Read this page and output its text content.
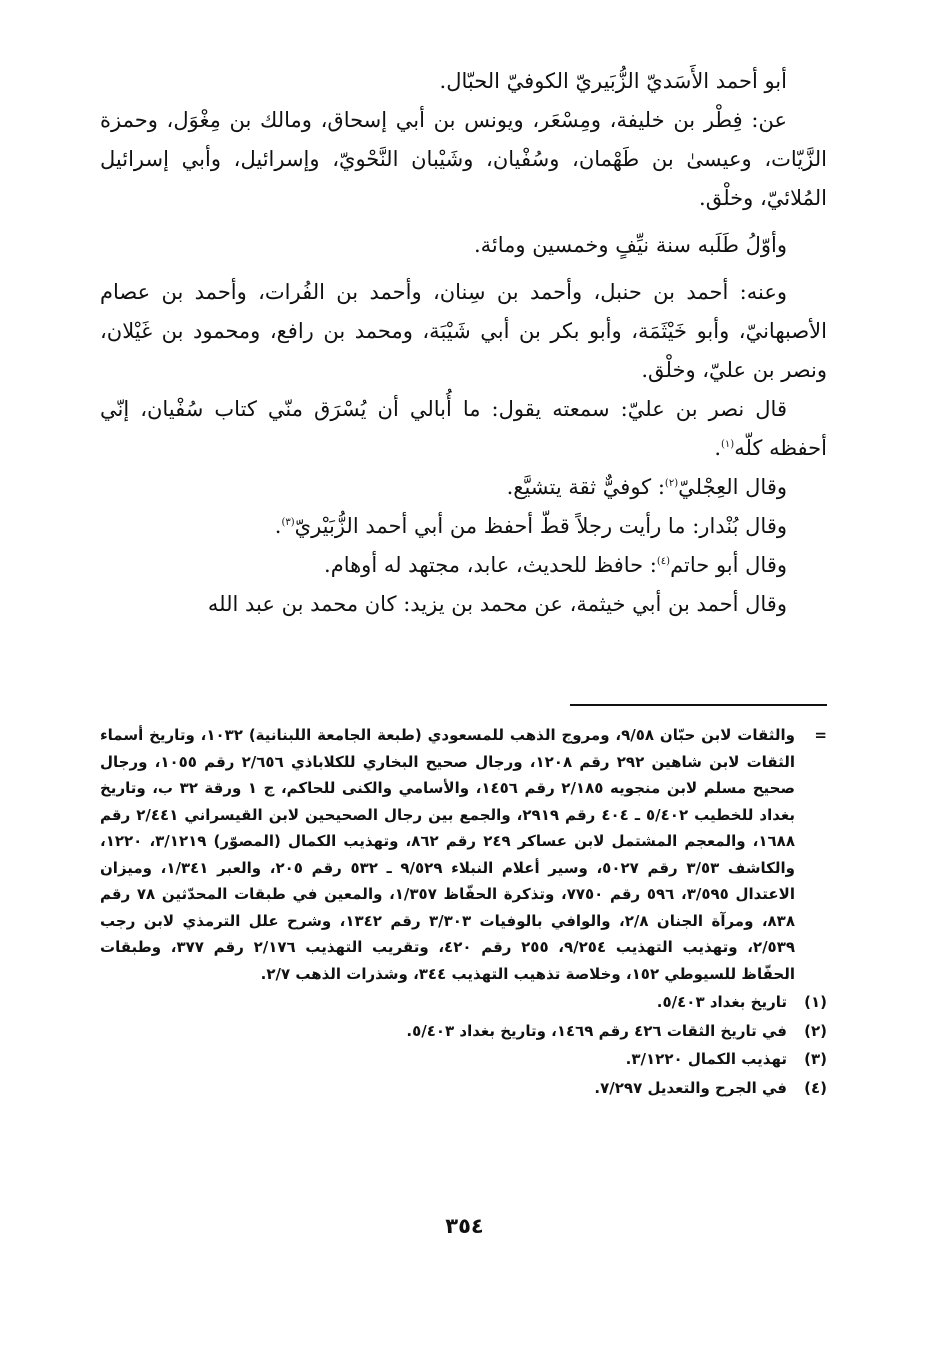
أبو أحمد الأَسَديّ الزُّبَيريّ الكوفيّ الحبّال.

عن: فِطْر بن خليفة، ومِسْعَر، ويونس بن أبي إسحاق، ومالك بن مِغْوَل، وحمزة الزَّيّات، وعيسىٰ بن طَهْمان، وسُفْيان، وشَيْبان النَّحْويّ، وإسرائيل، وأبي إسرائيل المُلائيّ، وخلْق.

وأوّلُ طَلَبه سنة نيِّفٍ وخمسين ومائة.

وعنه: أحمد بن حنبل، وأحمد بن سِنان، وأحمد بن الفُرات، وأحمد بن عصام الأصبهانيّ، وأبو خَيْثَمَة، وأبو بكر بن أبي شَيْبَة، ومحمد بن رافع، ومحمود بن غَيْلان، ونصر بن عليّ، وخلْق.

قال نصر بن عليّ: سمعته يقول: ما أُبالي أن يُسْرَق منّي كتاب سُفْيان، إنّي أحفظه كلّه$^{(١)}$.

وقال العِجْليّ$^{(٢)}$: كوفيٌّ ثقة يتشيَّع.

وقال بُنْدار: ما رأيت رجلاً قطّ أحفظ من أبي أحمد الزُّبَيْريّ$^{(٣)}$.

وقال أبو حاتم$^{(٤)}$: حافظ للحديث، عابد، مجتهد له أوهام.

وقال أحمد بن أبي خيثمة، عن محمد بن يزيد: كان محمد بن عبد الله

=
والثقات لابن حبّان ٩/٥٨، ومروج الذهب للمسعودي (طبعة الجامعة اللبنانية) ١٠٣٢، وتاريخ أسماء الثقات لابن شاهين ٢٩٢ رقم ١٢٠٨، ورجال صحيح البخاري للكلاباذي ٢/٦٥٦ رقم ١٠٥٥، ورجال صحيح مسلم لابن منجويه ٢/١٨٥ رقم ١٤٥٦، والأسامي والكنى للحاكم، ج ١ ورقة ٣٢ ب، وتاريخ بغداد للخطيب ٥/٤٠٢ ـ ٤٠٤ رقم ٢٩١٩، والجمع بين رجال الصحيحين لابن القيسراني ٢/٤٤١ رقم ١٦٨٨، والمعجم المشتمل لابن عساكر ٢٤٩ رقم ٨٦٢، وتهذيب الكمال (المصوّر) ٣/١٢١٩، ١٢٢٠، والكاشف ٣/٥٣ رقم ٥٠٢٧، وسير أعلام النبلاء ٩/٥٢٩ ـ ٥٣٢ رقم ٢٠٥، والعبر ١/٣٤١، وميزان الاعتدال ٣/٥٩٥، ٥٩٦ رقم ٧٧٥٠، وتذكرة الحفّاظ ١/٣٥٧، والمعين في طبقات المحدّثين ٧٨ رقم ٨٣٨، ومرآة الجنان ٢/٨، والوافي بالوفيات ٣/٣٠٣ رقم ١٣٤٢، وشرح علل الترمذي لابن رجب ٢/٥٣٩، وتهذيب التهذيب ٩/٢٥٤، ٢٥٥ رقم ٤٢٠، وتقريب التهذيب ٢/١٧٦ رقم ٣٧٧، وطبقات الحفّاظ للسيوطي ١٥٢، وخلاصة تذهيب التهذيب ٣٤٤، وشذرات الذهب ٢/٧.

(١)
تاريخ بغداد ٥/٤٠٣.

(٢)
في تاريخ الثقات ٤٢٦ رقم ١٤٦٩، وتاريخ بغداد ٥/٤٠٣.

(٣)
تهذيب الكمال ٣/١٢٢٠.

(٤)
في الجرح والتعديل ٧/٢٩٧.

٣٥٤
